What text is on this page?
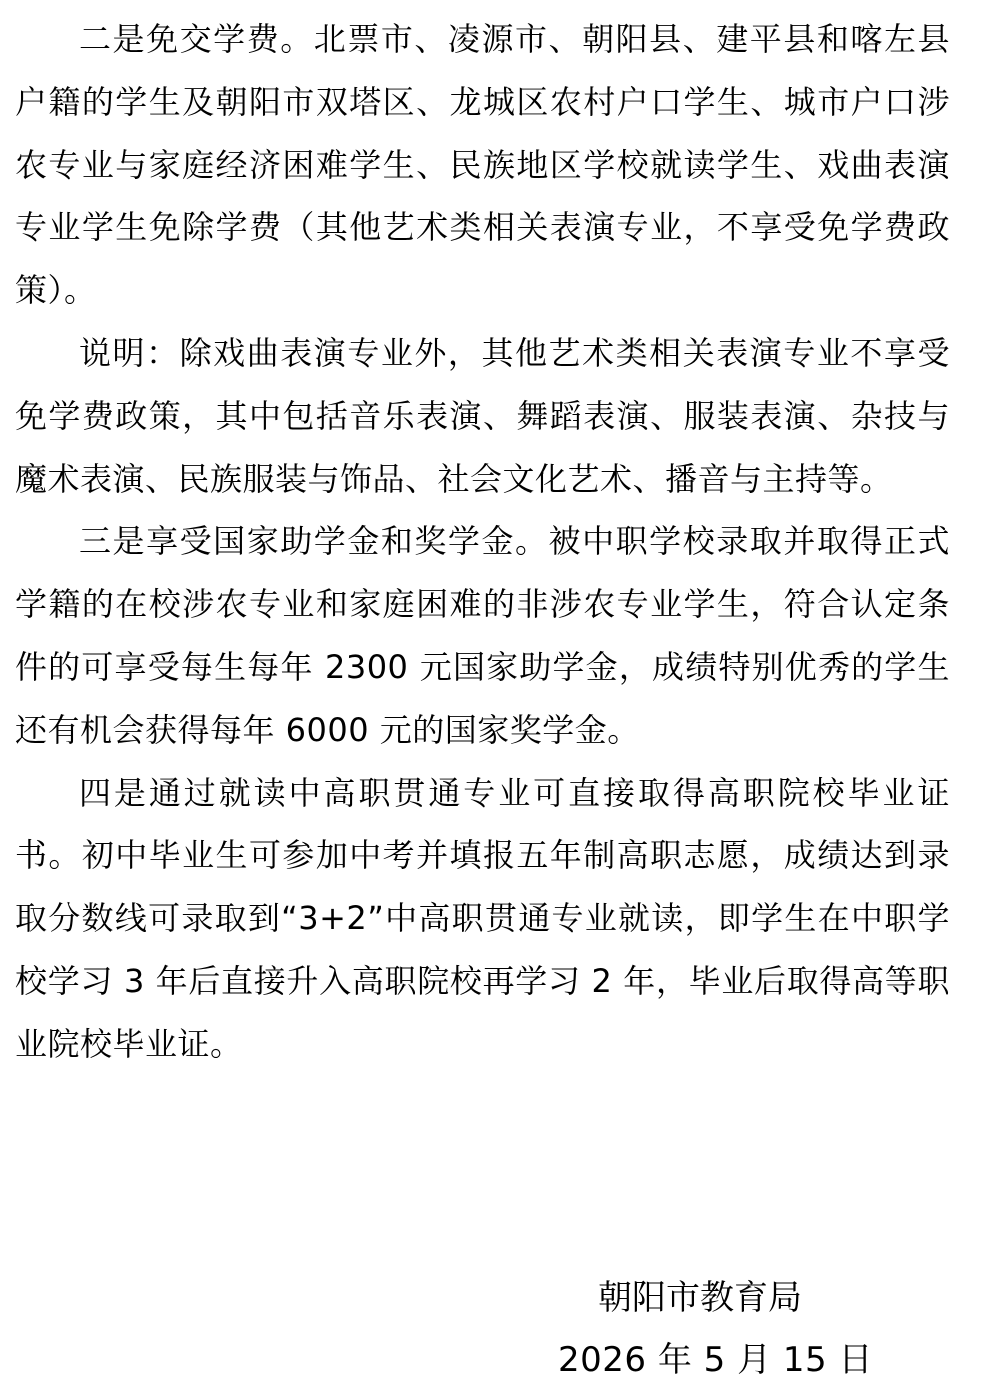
二是免交学费。北票市、凌源市、朝阳县、建平县和喀左县户籍的学生及朝阳市双塔区、龙城区农村户口学生、城市户口涉农专业与家庭经济困难学生、民族地区学校就读学生、戏曲表演专业学生免除学费（其他艺术类相关表演专业，不享受免学费政策）。

说明：除戏曲表演专业外，其他艺术类相关表演专业不享受免学费政策，其中包括音乐表演、舞蹈表演、服装表演、杂技与魔术表演、民族服装与饰品、社会文化艺术、播音与主持等。

三是享受国家助学金和奖学金。被中职学校录取并取得正式学籍的在校涉农专业和家庭困难的非涉农专业学生，符合认定条件的可享受每生每年 2300 元国家助学金，成绩特别优秀的学生还有机会获得每年 6000 元的国家奖学金。

四是通过就读中高职贯通专业可直接取得高职院校毕业证书。初中毕业生可参加中考并填报五年制高职志愿，成绩达到录取分数线可录取到“3+2”中高职贯通专业就读，即学生在中职学校学习 3 年后直接升入高职院校再学习 2 年，毕业后取得高等职业院校毕业证。

朝阳市教育局
2026 年 5 月 15 日
